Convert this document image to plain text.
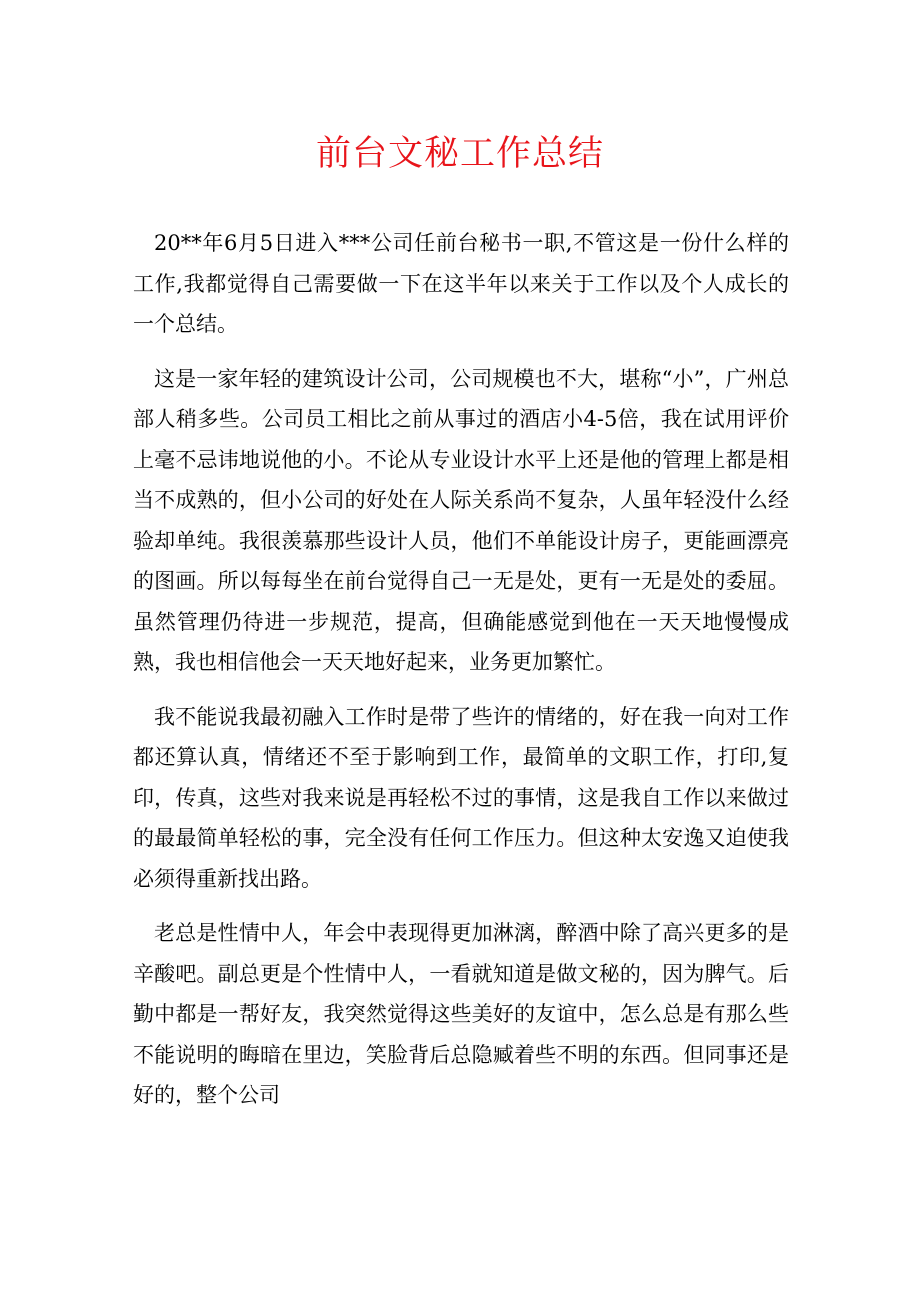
前台文秘工作总结

20**年6月5日进入***公司任前台秘书一职,不管这是一份什么样的工作,我都觉得自己需要做一下在这半年以来关于工作以及个人成长的一个总结。

这是一家年轻的建筑设计公司，公司规模也不大，堪称“小”，广州总部人稍多些。公司员工相比之前从事过的酒店小4-5倍，我在试用评价上毫不忌讳地说他的小。不论从专业设计水平上还是他的管理上都是相当不成熟的，但小公司的好处在人际关系尚不复杂，人虽年轻没什么经验却单纯。我很羡慕那些设计人员，他们不单能设计房子，更能画漂亮的图画。所以每每坐在前台觉得自己一无是处，更有一无是处的委屈。虽然管理仍待进一步规范，提高，但确能感觉到他在一天天地慢慢成熟，我也相信他会一天天地好起来，业务更加繁忙。

我不能说我最初融入工作时是带了些许的情绪的，好在我一向对工作都还算认真，情绪还不至于影响到工作，最简单的文职工作，打印,复印，传真，这些对我来说是再轻松不过的事情，这是我自工作以来做过的最最简单轻松的事，完全没有任何工作压力。但这种太安逸又迫使我必须得重新找出路。

老总是性情中人，年会中表现得更加淋漓，醉酒中除了高兴更多的是辛酸吧。副总更是个性情中人，一看就知道是做文秘的，因为脾气。后勤中都是一帮好友，我突然觉得这些美好的友谊中，怎么总是有那么些不能说明的晦暗在里边，笑脸背后总隐臧着些不明的东西。但同事还是好的，整个公司
